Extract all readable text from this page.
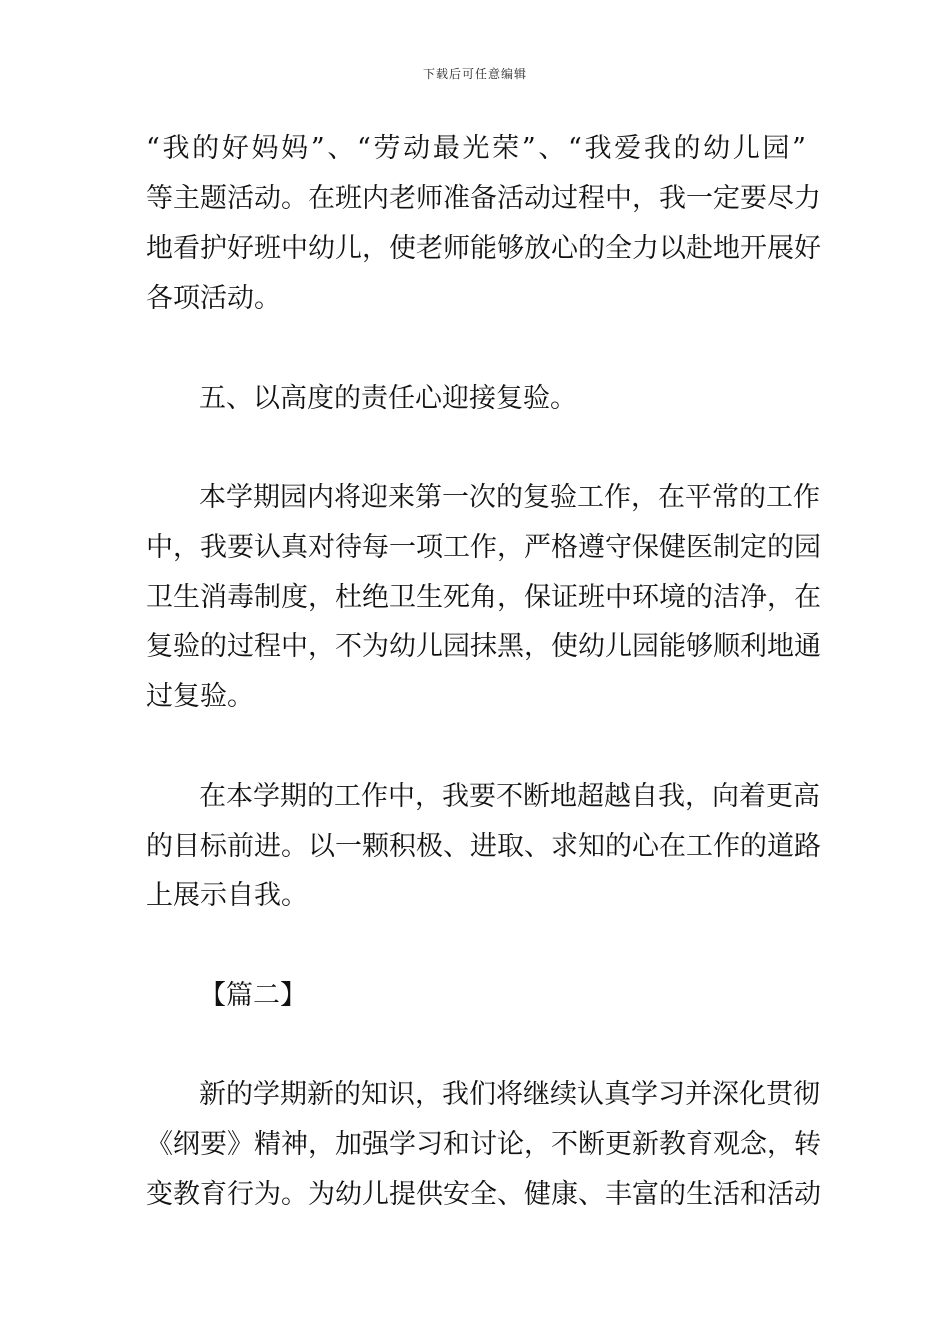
下载后可任意编辑
“我的好妈妈”、“劳动最光荣”、“我爱我的幼儿园”
等主题活动。在班内老师准备活动过程中，我一定要尽力
地看护好班中幼儿，使老师能够放心的全力以赴地开展好
各项活动。
五、以高度的责任心迎接复验。
本学期园内将迎来第一次的复验工作，在平常的工作
中，我要认真对待每一项工作，严格遵守保健医制定的园
卫生消毒制度，杜绝卫生死角，保证班中环境的洁净，在
复验的过程中，不为幼儿园抹黑，使幼儿园能够顺利地通
过复验。
在本学期的工作中，我要不断地超越自我，向着更高
的目标前进。以一颗积极、进取、求知的心在工作的道路
上展示自我。
【篇二】
新的学期新的知识，我们将继续认真学习并深化贯彻
《纲要》精神，加强学习和讨论，不断更新教育观念，转
变教育行为。为幼儿提供安全、健康、丰富的生活和活动
